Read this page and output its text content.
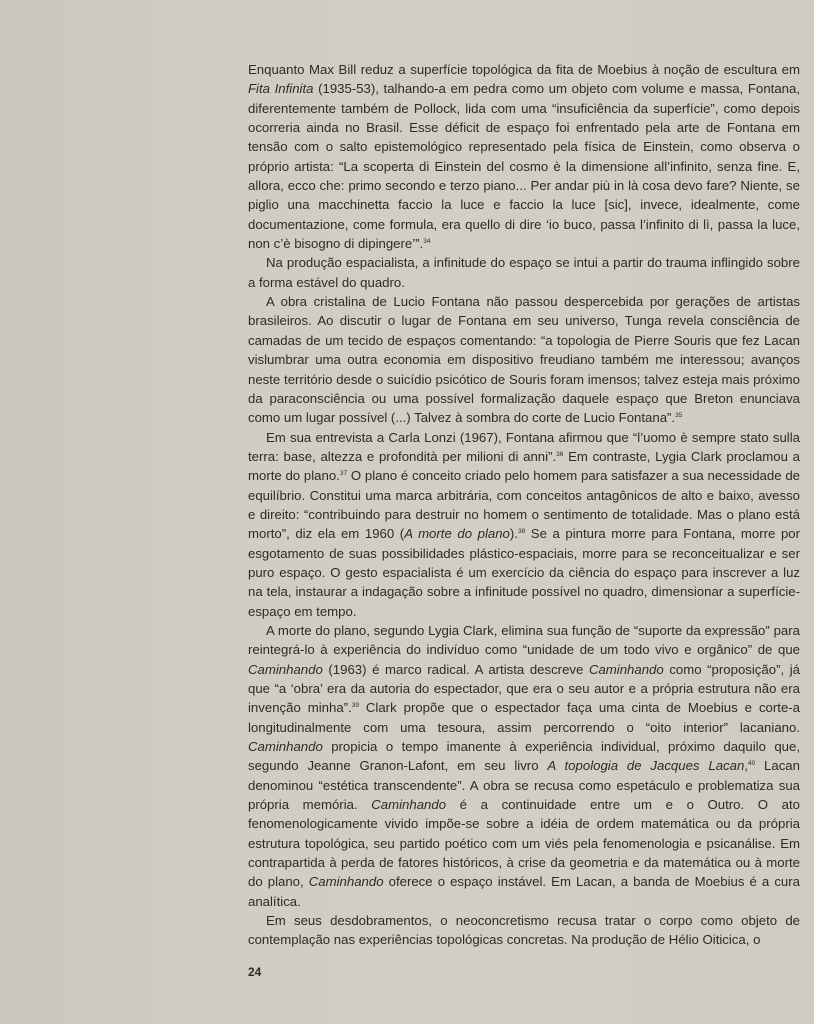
Enquanto Max Bill reduz a superfície topológica da fita de Moebius à noção de escultura em Fita Infinita (1935-53), talhando-a em pedra como um objeto com volume e massa, Fontana, diferentemente também de Pollock, lida com uma “insuficiência da superfície”, como depois ocorreria ainda no Brasil. Esse déficit de espaço foi enfrentado pela arte de Fontana em tensão com o salto epistemológico representado pela física de Einstein, como observa o próprio artista: “La scoperta di Einstein del cosmo è la dimensione all’infinito, senza fine. E, allora, ecco che: primo secondo e terzo piano... Per andar più in là cosa devo fare? Niente, se piglio una macchinetta faccio la luce e faccio la luce [sic], invece, idealmente, come documentazione, come formula, era quello di dire ‘io buco, passa l’infinito di lì, passa la luce, non c’è bisogno di dipingere’”.$^{34}$

Na produção espacialista, a infinitude do espaço se intui a partir do trauma inflingido sobre a forma estável do quadro.

A obra cristalina de Lucio Fontana não passou despercebida por gerações de artistas brasileiros. Ao discutir o lugar de Fontana em seu universo, Tunga revela consciência de camadas de um tecido de espaços comentando: “a topologia de Pierre Souris que fez Lacan vislumbrar uma outra economia em dispositivo freudiano também me interessou; avanços neste território desde o suicídio psicótico de Souris foram imensos; talvez esteja mais próximo da paraconsciência ou uma possível formalização daquele espaço que Breton enunciava como um lugar possível (...) Talvez à sombra do corte de Lucio Fontana”.$^{35}$

Em sua entrevista a Carla Lonzi (1967), Fontana afirmou que “l’uomo è sempre stato sulla terra: base, altezza e profondità per milioni di anni”.$^{36}$ Em contraste, Lygia Clark proclamou a morte do plano.$^{37}$ O plano é conceito criado pelo homem para satisfazer a sua necessidade de equilíbrio. Constitui uma marca arbitrária, com conceitos antagônicos de alto e baixo, avesso e direito: “contribuindo para destruir no homem o sentimento de totalidade. Mas o plano está morto”, diz ela em 1960 (A morte do plano).$^{38}$ Se a pintura morre para Fontana, morre por esgotamento de suas possibilidades plástico-espaciais, morre para se reconceitualizar e ser puro espaço. O gesto espacialista é um exercício da ciência do espaço para inscrever a luz na tela, instaurar a indagação sobre a infinitude possível no quadro, dimensionar a superfície-espaço em tempo.

A morte do plano, segundo Lygia Clark, elimina sua função de “suporte da expressão” para reintegrá-lo à experiência do indivíduo como “unidade de um todo vivo e orgânico” de que Caminhando (1963) é marco radical. A artista descreve Caminhando como “proposição”, já que “a ‘obra’ era da autoria do espectador, que era o seu autor e a própria estrutura não era invenção minha”.$^{39}$ Clark propõe que o espectador faça uma cinta de Moebius e corte-a longitudinalmente com uma tesoura, assim percorrendo o “oito interior” lacaniano. Caminhando propicia o tempo imanente à experiência individual, próximo daquilo que, segundo Jeanne Granon-Lafont, em seu livro A topologia de Jacques Lacan,$^{40}$ Lacan denominou “estética transcendente”. A obra se recusa como espetáculo e problematiza sua própria memória. Caminhando é a continuidade entre um e o Outro. O ato fenomenologicamente vivido impõe-se sobre a idéia de ordem matemática ou da própria estrutura topológica, seu partido poético com um viés pela fenomenologia e psicanálise. Em contrapartida à perda de fatores históricos, à crise da geometria e da matemática ou à morte do plano, Caminhando oferece o espaço instável. Em Lacan, a banda de Moebius é a cura analítica.

Em seus desdobramentos, o neoconcretismo recusa tratar o corpo como objeto de contemplação nas experiências topológicas concretas. Na produção de Hélio Oiticica, o

24
